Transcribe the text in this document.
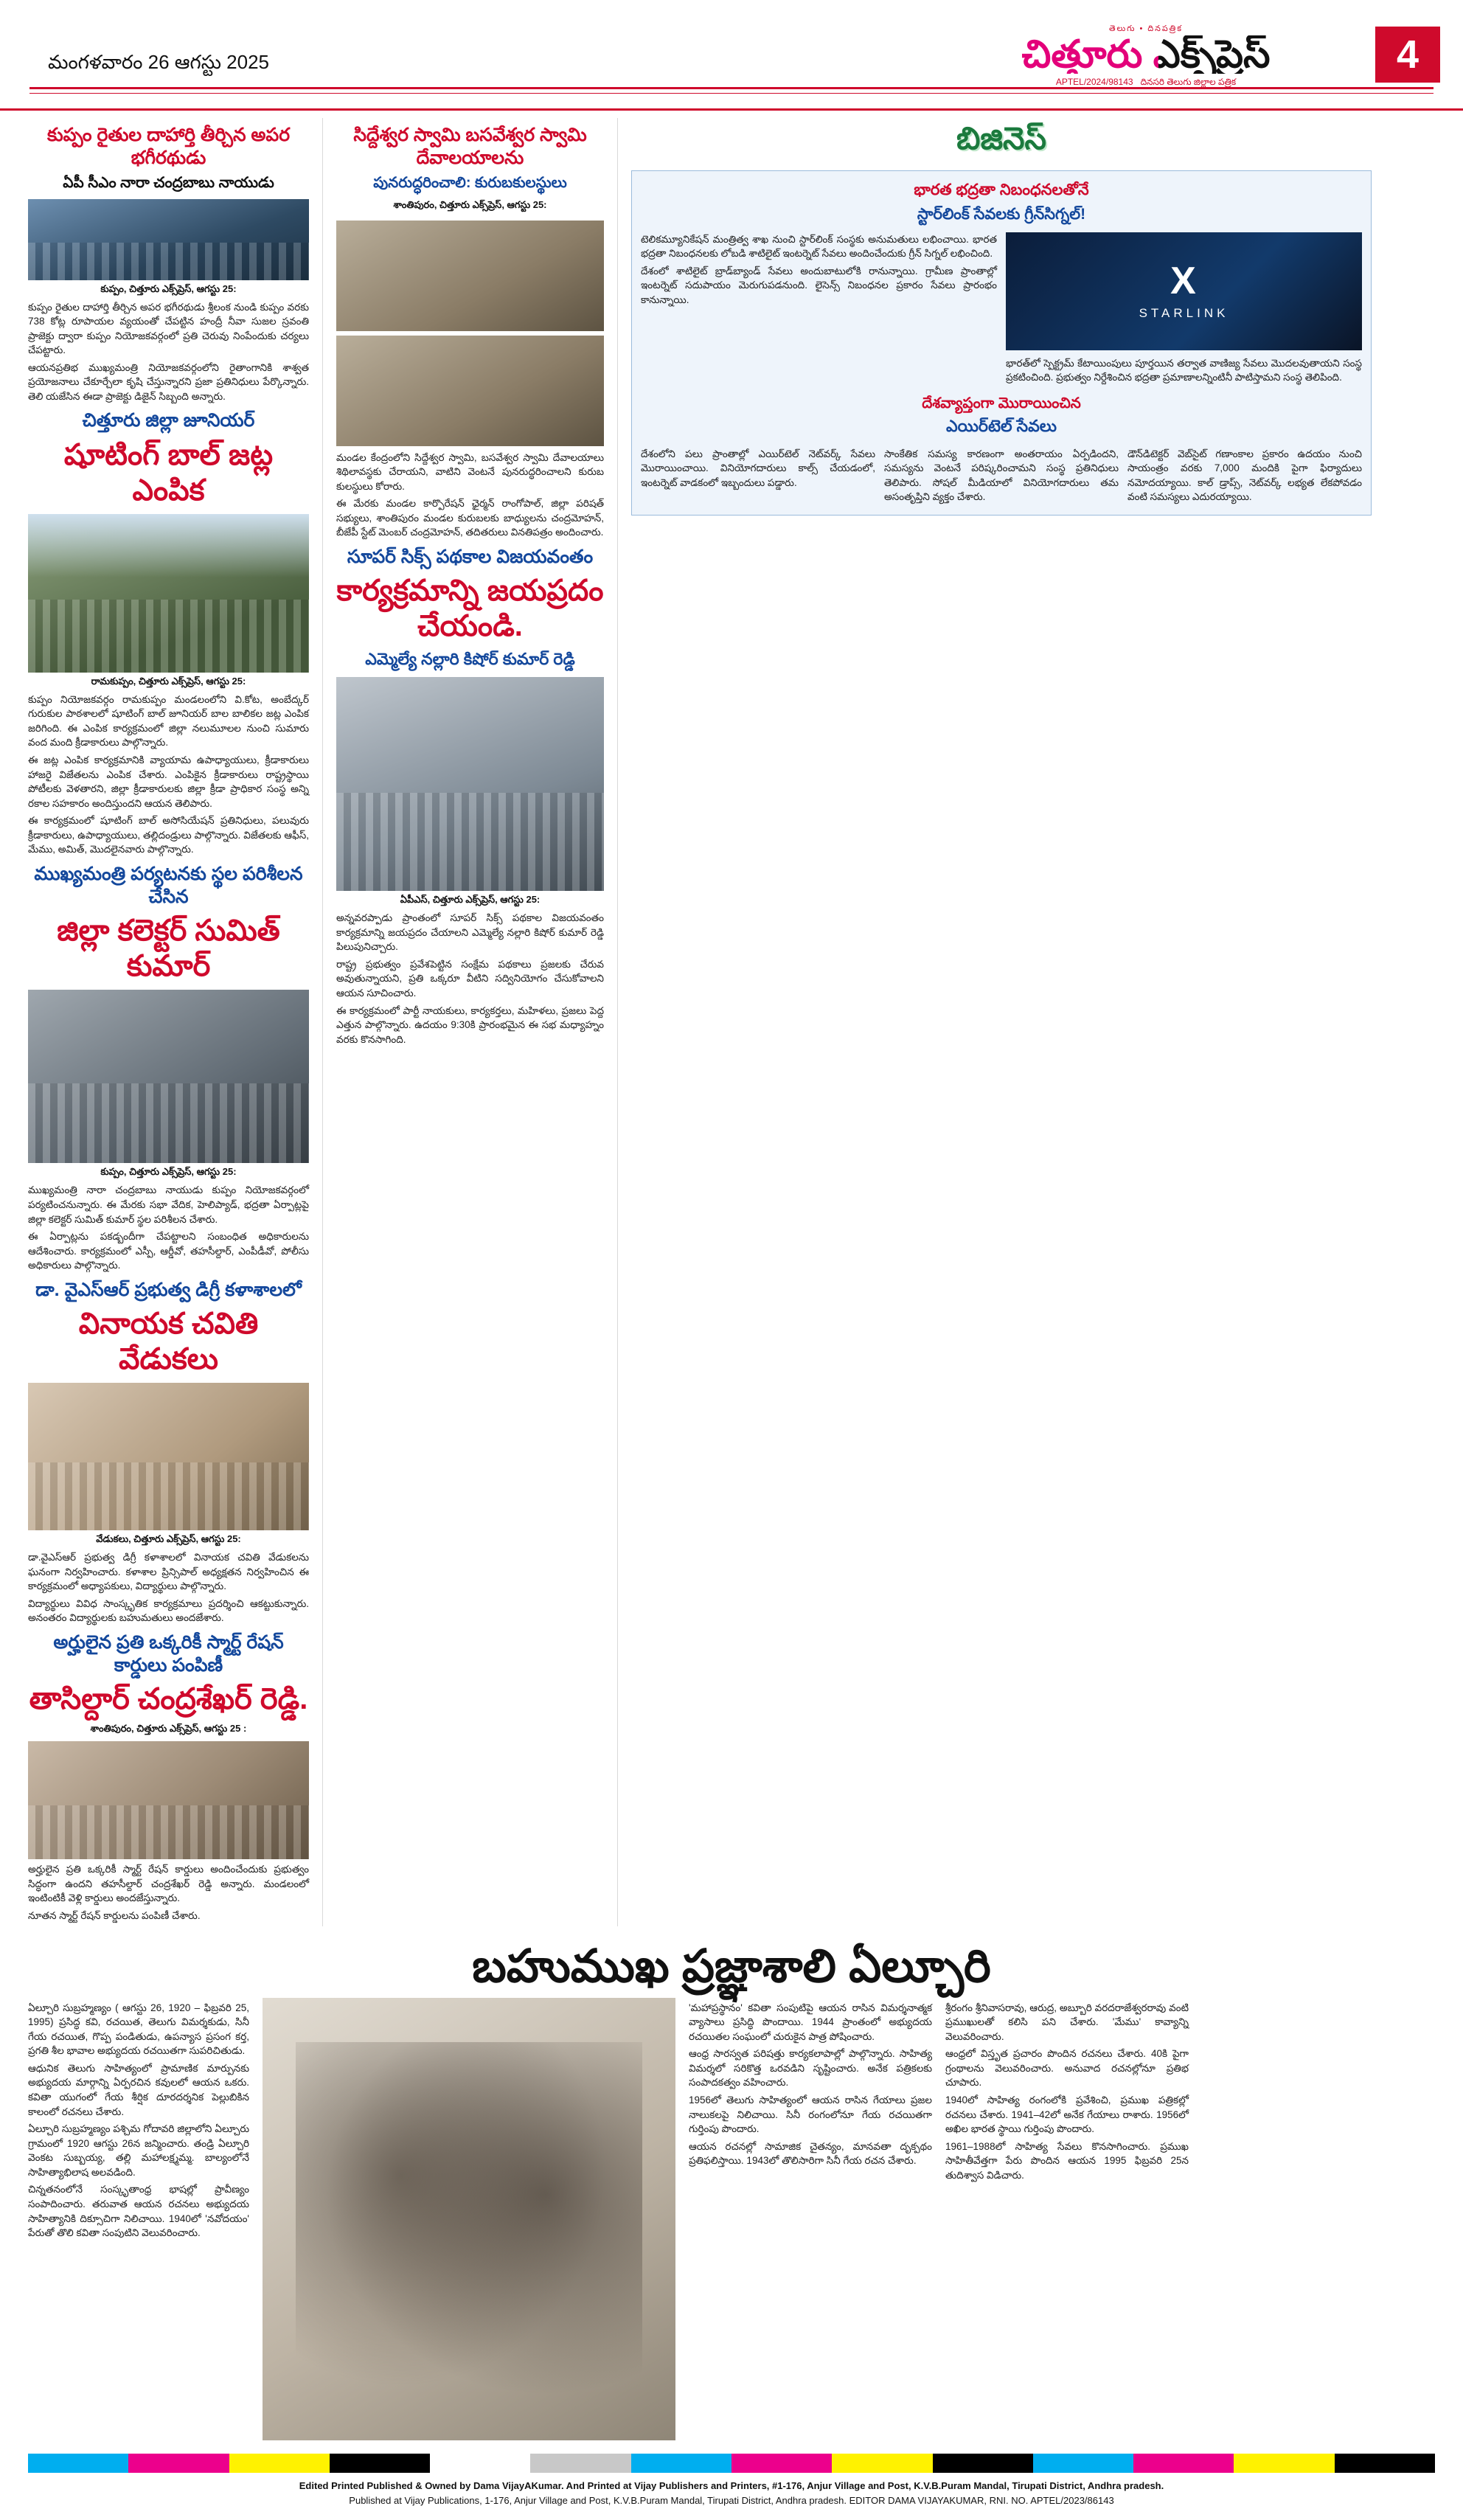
మంగళవారం 26 ఆగస్టు 2025
తెలుగు • దినపత్రిక
చిత్తూరు ఎక్స్‌ప్రెస్
APTEL/2024/98143 దినసరి తెలుగు జిల్లాల పత్రిక
4
కుప్పం రైతుల దాహార్తి తీర్చిన అపర భగీరథుడు
ఏపీ సీఎం నారా చంద్రబాబు నాయుడు
కుప్పం, చిత్తూరు ఎక్స్‌ప్రెస్, ఆగస్టు 25:

కుప్పం రైతుల దాహార్తి తీర్చిన అపర భగీరథుడు శ్రీలంక నుండి కుప్పం వరకు 738 కోట్ల రూపాయల వ్యయంతో చేపట్టిన హంద్రీ నీవా సుజల స్రవంతి ప్రాజెక్టు ద్వారా కుప్పం నియోజకవర్గంలో ప్రతి చెరువు నింపేందుకు చర్యలు చేపట్టారు.

ఆయనప్రతిభ ముఖ్యమంత్రి నియోజకవర్గంలోని రైతాంగానికి శాశ్వత ప్రయోజనాలు చేకూర్చేలా కృషి చేస్తున్నారని ప్రజా ప్రతినిధులు పేర్కొన్నారు. తెలి యజేసిన ఈడా ప్రాజెక్టు డిజైన్ సిబ్బంది అన్నారు.

చిత్తూరు జిల్లా జూనియర్
షూటింగ్ బాల్ జట్ల ఎంపిక
రామకుప్పం, చిత్తూరు ఎక్స్‌ప్రెస్, ఆగస్టు 25:

కుప్పం నియోజకవర్గం రామకుప్పం మండలంలోని వి.కోట, అంబేద్కర్ గురుకుల పాఠశాలలో షూటింగ్ బాల్ జూనియర్ బాల బాలికల జట్ల ఎంపిక జరిగింది. ఈ ఎంపిక కార్యక్రమంలో జిల్లా నలుమూలల నుంచి సుమారు వంద మంది క్రీడాకారులు పాల్గొన్నారు.

ఈ జట్ల ఎంపిక కార్యక్రమానికి వ్యాయామ ఉపాధ్యాయులు, క్రీడాకారులు హాజరై విజేతలను ఎంపిక చేశారు. ఎంపికైన క్రీడాకారులు రాష్ట్రస్థాయి పోటీలకు వెళతారని, జిల్లా క్రీడాకారులకు జిల్లా క్రీడా ప్రాధికార సంస్థ అన్ని రకాల సహకారం అందిస్తుందని ఆయన తెలిపారు.

ఈ కార్యక్రమంలో షూటింగ్ బాల్ అసోసియేషన్ ప్రతినిధులు, పలువురు క్రీడాకారులు, ఉపాధ్యాయులు, తల్లిదండ్రులు పాల్గొన్నారు. విజేతలకు ఆఫీస్, మేము, అమిత్, మొదలైనవారు పాల్గొన్నారు.

ముఖ్యమంత్రి పర్యటనకు స్థల పరిశీలన చేసిన
జిల్లా కలెక్టర్ సుమిత్ కుమార్
కుప్పం, చిత్తూరు ఎక్స్‌ప్రెస్, ఆగస్టు 25:

ముఖ్యమంత్రి నారా చంద్రబాబు నాయుడు కుప్పం నియోజకవర్గంలో పర్యటించనున్నారు. ఈ మేరకు సభా వేదిక, హెలిప్యాడ్, భద్రతా ఏర్పాట్లపై జిల్లా కలెక్టర్ సుమిత్ కుమార్ స్థల పరిశీలన చేశారు.

ఈ ఏర్పాట్లను పకడ్బందీగా చేపట్టాలని సంబంధిత అధికారులను ఆదేశించారు. కార్యక్రమంలో ఎస్పీ, ఆర్డీవో, తహసీల్దార్, ఎంపీడీవో, పోలీసు అధికారులు పాల్గొన్నారు.

డా. వైఎస్‌ఆర్ ప్రభుత్వ డిగ్రీ కళాశాలలో
వినాయక చవితి వేడుకలు
వేడుకలు, చిత్తూరు ఎక్స్‌ప్రెస్, ఆగస్టు 25:

డా.వైఎస్‌ఆర్ ప్రభుత్వ డిగ్రీ కళాశాలలో వినాయక చవితి వేడుకలను ఘనంగా నిర్వహించారు. కళాశాల ప్రిన్సిపాల్ అధ్యక్షతన నిర్వహించిన ఈ కార్యక్రమంలో అధ్యాపకులు, విద్యార్థులు పాల్గొన్నారు.

విద్యార్థులు వివిధ సాంస్కృతిక కార్యక్రమాలు ప్రదర్శించి ఆకట్టుకున్నారు. అనంతరం విద్యార్థులకు బహుమతులు అందజేశారు.

అర్హులైన ప్రతి ఒక్కరికీ స్మార్ట్ రేషన్ కార్డులు పంపిణీ
తాసిల్దార్ చంద్రశేఖర్ రెడ్డి.
శాంతిపురం, చిత్తూరు ఎక్స్‌ప్రెస్, ఆగస్టు 25 :

అర్హులైన ప్రతి ఒక్కరికీ స్మార్ట్ రేషన్ కార్డులు అందించేందుకు ప్రభుత్వం సిద్ధంగా ఉందని తహసీల్దార్ చంద్రశేఖర్ రెడ్డి అన్నారు. మండలంలో ఇంటింటికీ వెళ్లి కార్డులు అందజేస్తున్నారు.

నూతన స్మార్ట్ రేషన్ కార్డులను పంపిణీ చేశారు.

సిద్దేశ్వర స్వామి బసవేశ్వర స్వామి దేవాలయాలను
పునరుద్ధరించాలి: కురుబకులస్థులు
శాంతిపురం, చిత్తూరు ఎక్స్‌ప్రెస్, ఆగస్టు 25:

మండల కేంద్రంలోని సిద్దేశ్వర స్వామి, బసవేశ్వర స్వామి దేవాలయాలు శిథిలావస్థకు చేరాయని, వాటిని వెంటనే పునరుద్ధరించాలని కురుబ కులస్థులు కోరారు.

ఈ మేరకు మండల కార్పొరేషన్ ఛైర్మన్ రాంగోపాల్, జిల్లా పరిషత్ సభ్యులు, శాంతిపురం మండల కురుబలకు బాధ్యులను చంద్రమోహన్, బీజేపీ స్టేట్ మెంబర్ చంద్రమోహన్, తదితరులు వినతిపత్రం అందించారు.

సూపర్ సిక్స్ పథకాల విజయవంతం
కార్యక్రమాన్ని జయప్రదం చేయండి.
ఎమ్మెల్యే నల్లారి కిషోర్ కుమార్ రెడ్డి
ఏపీఎస్, చిత్తూరు ఎక్స్‌ప్రెస్, ఆగస్టు 25:

అన్నవరప్పాడు ప్రాంతంలో సూపర్ సిక్స్ పథకాల విజయవంతం కార్యక్రమాన్ని జయప్రదం చేయాలని ఎమ్మెల్యే నల్లారి కిషోర్ కుమార్ రెడ్డి పిలుపునిచ్చారు.

రాష్ట్ర ప్రభుత్వం ప్రవేశపెట్టిన సంక్షేమ పథకాలు ప్రజలకు చేరువ అవుతున్నాయని, ప్రతి ఒక్కరూ వీటిని సద్వినియోగం చేసుకోవాలని ఆయన సూచించారు.

ఈ కార్యక్రమంలో పార్టీ నాయకులు, కార్యకర్తలు, మహిళలు, ప్రజలు పెద్ద ఎత్తున పాల్గొన్నారు. ఉదయం 9:30కి ప్రారంభమైన ఈ సభ మధ్యాహ్నం వరకు కొనసాగింది.

బిజినెస్
భారత భద్రతా నిబంధనలతోనే
స్టార్‌లింక్ సేవలకు గ్రీన్‌సిగ్నల్!

టెలికమ్యూనికేషన్ మంత్రిత్వ శాఖ నుంచి స్టార్‌లింక్ సంస్థకు అనుమతులు లభించాయి. భారత భద్రతా నిబంధనలకు లోబడి శాటిలైట్ ఇంటర్నెట్ సేవలు అందించేందుకు గ్రీన్ సిగ్నల్ లభించింది.

దేశంలో శాటిలైట్ బ్రాడ్‌బ్యాండ్ సేవలు అందుబాటులోకి రానున్నాయి. గ్రామీణ ప్రాంతాల్లో ఇంటర్నెట్ సదుపాయం మెరుగుపడనుంది. లైసెన్స్ నిబంధనల ప్రకారం సేవలు ప్రారంభం కానున్నాయి.	X
STARLINK

భారత్‌లో స్పెక్ట్రమ్ కేటాయింపులు పూర్తయిన తర్వాత వాణిజ్య సేవలు మొదలవుతాయని సంస్థ ప్రకటించింది. ప్రభుత్వం నిర్దేశించిన భద్రతా ప్రమాణాలన్నింటినీ పాటిస్తామని సంస్థ తెలిపింది.

దేశవ్యాప్తంగా మొరాయించిన
ఎయిర్‌టెల్ సేవలు

దేశంలోని పలు ప్రాంతాల్లో ఎయిర్‌టెల్ నెట్‌వర్క్ సేవలు మొరాయించాయి. వినియోగదారులు కాల్స్ చేయడంలో, ఇంటర్నెట్ వాడకంలో ఇబ్బందులు పడ్డారు.

సాంకేతిక సమస్య కారణంగా అంతరాయం ఏర్పడిందని, సమస్యను వెంటనే పరిష్కరించామని సంస్థ ప్రతినిధులు తెలిపారు. సోషల్ మీడియాలో వినియోగదారులు తమ అసంతృప్తిని వ్యక్తం చేశారు.

డౌన్‌డిటెక్టర్ వెబ్‌సైట్ గణాంకాల ప్రకారం ఉదయం నుంచి సాయంత్రం వరకు 7,000 మందికి పైగా ఫిర్యాదులు నమోదయ్యాయి. కాల్ డ్రాప్స్, నెట్‌వర్క్ లభ్యత లేకపోవడం వంటి సమస్యలు ఎదురయ్యాయి.

బహుముఖ ప్రజ్ఞాశాలి ఏల్చూరి

ఏల్చూరి సుబ్రహ్మణ్యం ( ఆగస్టు 26, 1920 – ఫిబ్రవరి 25, 1995) ప్రసిద్ధ కవి, రచయిత, తెలుగు విమర్శకుడు, సినీ గేయ రచయిత, గొప్ప పండితుడు, ఉపన్యాస ప్రసంగ కర్త, ప్రగతి శీల భావాల అభ్యుదయ రచయితగా సుపరిచితుడు.

ఆధునిక తెలుగు సాహిత్యంలో ప్రామాణిక మార్పునకు అభ్యుదయ మార్గాన్ని ఏర్పరచిన కవులలో ఆయన ఒకరు. కవితా యుగంలో గేయ శీర్షిక దూరదర్శనిక పెల్లుబికిన కాలంలో రచనలు చేశారు.

ఏల్చూరి సుబ్రహ్మణ్యం పశ్చిమ గోదావరి జిల్లాలోని ఏల్చూరు గ్రామంలో 1920 ఆగస్టు 26న జన్మించారు. తండ్రి ఏల్చూరి వెంకట సుబ్బయ్య, తల్లి మహాలక్ష్మమ్మ. బాల్యంలోనే సాహిత్యాభిలాష అలవడింది.

చిన్నతనంలోనే సంస్కృతాంధ్ర భాషల్లో ప్రావీణ్యం సంపాదించారు. తరువాత ఆయన రచనలు అభ్యుదయ సాహిత్యానికి దిక్సూచిగా నిలిచాయి. 1940లో 'నవోదయం' పేరుతో తొలి కవితా సంపుటిని వెలువరించారు.

'మహాప్రస్థానం' కవితా సంపుటిపై ఆయన రాసిన విమర్శనాత్మక వ్యాసాలు ప్రసిద్ధి పొందాయి. 1944 ప్రాంతంలో అభ్యుదయ రచయితల సంఘంలో చురుకైన పాత్ర పోషించారు.

ఆంధ్ర సారస్వత పరిషత్తు కార్యకలాపాల్లో పాల్గొన్నారు. సాహిత్య విమర్శలో సరికొత్త ఒరవడిని సృష్టించారు. అనేక పత్రికలకు సంపాదకత్వం వహించారు.

1956లో తెలుగు సాహిత్యంలో ఆయన రాసిన గేయాలు ప్రజల నాలుకలపై నిలిచాయి. సినీ రంగంలోనూ గేయ రచయితగా గుర్తింపు పొందారు.

ఆయన రచనల్లో సామాజిక చైతన్యం, మానవతా దృక్పథం ప్రతిఫలిస్తాయి. 1943లో తొలిసారిగా సినీ గేయ రచన చేశారు.

శ్రీరంగం శ్రీనివాసరావు, ఆరుద్ర, అబ్బూరి వరదరాజేశ్వరరావు వంటి ప్రముఖులతో కలిసి పని చేశారు. 'మేము' కావ్యాన్ని వెలువరించారు.

ఆంధ్రలో విస్తృత ప్రచారం పొందిన రచనలు చేశారు. 40కి పైగా గ్రంథాలను వెలువరించారు. అనువాద రచనల్లోనూ ప్రతిభ చూపారు.

1940లో సాహిత్య రంగంలోకి ప్రవేశించి, ప్రముఖ పత్రికల్లో రచనలు చేశారు. 1941–42లో అనేక గేయాలు రాశారు. 1956లో అఖిల భారత స్థాయి గుర్తింపు పొందారు.

1961–1988లో సాహిత్య సేవలు కొనసాగించారు. ప్రముఖ సాహితీవేత్తగా పేరు పొందిన ఆయన 1995 ఫిబ్రవరి 25న తుదిశ్వాస విడిచారు.

Edited Printed Published & Owned by Dama VijayAKumar. And Printed at Vijay Publishers and Printers, #1-176, Anjur Village and Post, K.V.B.Puram Mandal, Tirupati District, Andhra pradesh.
Published at Vijay Publications, 1-176, Anjur Village and Post, K.V.B.Puram Mandal, Tirupati District, Andhra pradesh. EDITOR DAMA VIJAYAKUMAR, RNI. NO. APTEL/2023/86143
